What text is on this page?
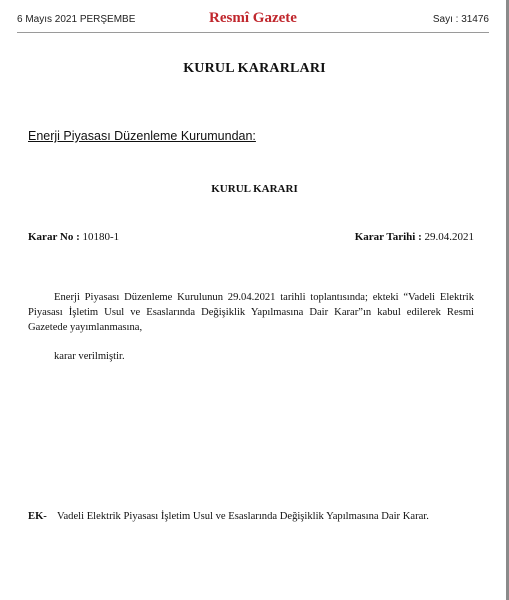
6 Mayıs 2021 PERŞEMBE	Resmî Gazete	Sayı : 31476
KURUL KARARLARI
Enerji Piyasası Düzenleme Kurumundan:
KURUL KARARI
Karar No : 10180-1	Karar Tarihi : 29.04.2021

Enerji Piyasası Düzenleme Kurulunun 29.04.2021 tarihli toplantısında; ekteki “Vadeli Elektrik Piyasası İşletim Usul ve Esaslarında Değişiklik Yapılmasına Dair Karar”ın kabul edilerek Resmi Gazetede yayımlanmasına,

karar verilmiştir.
EK- Vadeli Elektrik Piyasası İşletim Usul ve Esaslarında Değişiklik Yapılmasına Dair Karar.
